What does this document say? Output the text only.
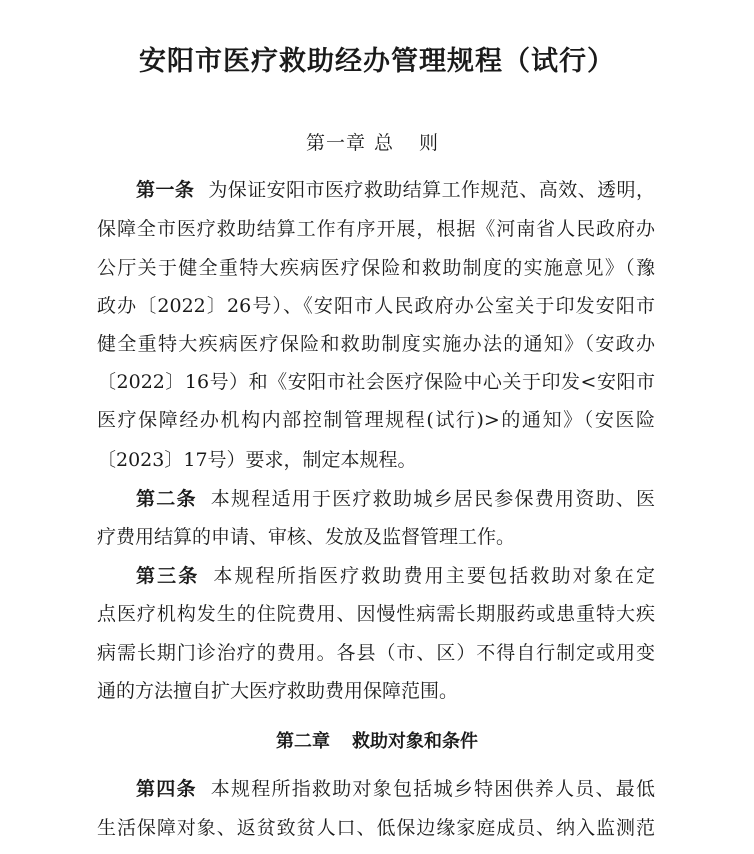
安阳市医疗救助经办管理规程（试行）
第一章 总 则
第一条 为保证安阳市医疗救助结算工作规范、高效、透明，
保障全市医疗救助结算工作有序开展，根据《河南省人民政府办
公厅关于健全重特大疾病医疗保险和救助制度的实施意见》（豫
政办〔2022〕26号）、《安阳市人民政府办公室关于印发安阳市
健全重特大疾病医疗保险和救助制度实施办法的通知》（安政办
〔2022〕16号）和《安阳市社会医疗保险中心关于印发<安阳市
医疗保障经办机构内部控制管理规程(试行)>的通知》（安医险
〔2023〕17号）要求，制定本规程。
第二条 本规程适用于医疗救助城乡居民参保费用资助、医
疗费用结算的申请、审核、发放及监督管理工作。
第三条 本规程所指医疗救助费用主要包括救助对象在定
点医疗机构发生的住院费用、因慢性病需长期服药或患重特大疾
病需长期门诊治疗的费用。各县（市、区）不得自行制定或用变
通的方法擅自扩大医疗救助费用保障范围。
第二章 救助对象和条件
第四条 本规程所指救助对象包括城乡特困供养人员、最低
生活保障对象、返贫致贫人口、低保边缘家庭成员、纳入监测范
